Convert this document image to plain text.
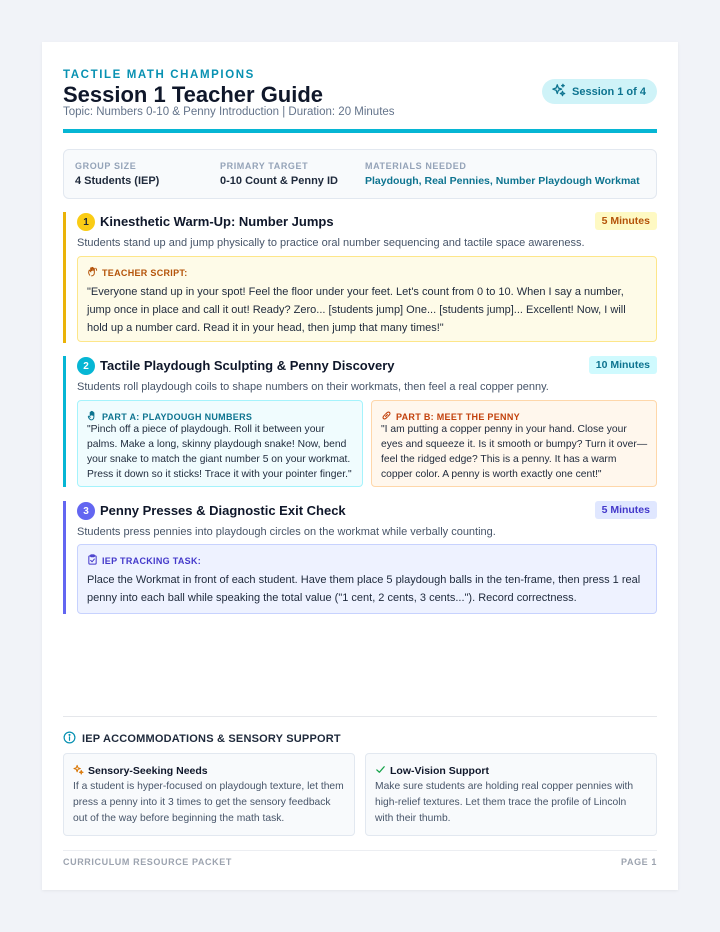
TACTILE MATH CHAMPIONS
Session 1 Teacher Guide
Topic: Numbers 0-10 & Penny Introduction | Duration: 20 Minutes
Session 1 of 4
GROUP SIZE
4 Students (IEP)
PRIMARY TARGET
0-10 Count & Penny ID
MATERIALS NEEDED
Playdough, Real Pennies, Number Playdough Workmat
1 Kinesthetic Warm-Up: Number Jumps	5 Minutes
Students stand up and jump physically to practice oral number sequencing and tactile space awareness.
TEACHER SCRIPT:
"Everyone stand up in your spot! Feel the floor under your feet. Let's count from 0 to 10. When I say a number, jump once in place and call it out! Ready? Zero... [students jump] One... [students jump]... Excellent! Now, I will hold up a number card. Read it in your head, then jump that many times!"
2 Tactile Playdough Sculpting & Penny Discovery	10 Minutes
Students roll playdough coils to shape numbers on their workmats, then feel a real copper penny.
PART A: PLAYDOUGH NUMBERS
"Pinch off a piece of playdough. Roll it between your palms. Make a long, skinny playdough snake! Now, bend your snake to match the giant number 5 on your workmat. Press it down so it sticks! Trace it with your pointer finger."
PART B: MEET THE PENNY
"I am putting a copper penny in your hand. Close your eyes and squeeze it. Is it smooth or bumpy? Turn it over—feel the ridged edge? This is a penny. It has a warm copper color. A penny is worth exactly one cent!"
3 Penny Presses & Diagnostic Exit Check	5 Minutes
Students press pennies into playdough circles on the workmat while verbally counting.
IEP TRACKING TASK:
Place the Workmat in front of each student. Have them place 5 playdough balls in the ten-frame, then press 1 real penny into each ball while speaking the total value ("1 cent, 2 cents, 3 cents..."). Record correctness.
IEP ACCOMMODATIONS & SENSORY SUPPORT
Sensory-Seeking Needs
If a student is hyper-focused on playdough texture, let them press a penny into it 3 times to get the sensory feedback out of the way before beginning the math task.
Low-Vision Support
Make sure students are holding real copper pennies with high-relief textures. Let them trace the profile of Lincoln with their thumb.
CURRICULUM RESOURCE PACKET	PAGE 1
